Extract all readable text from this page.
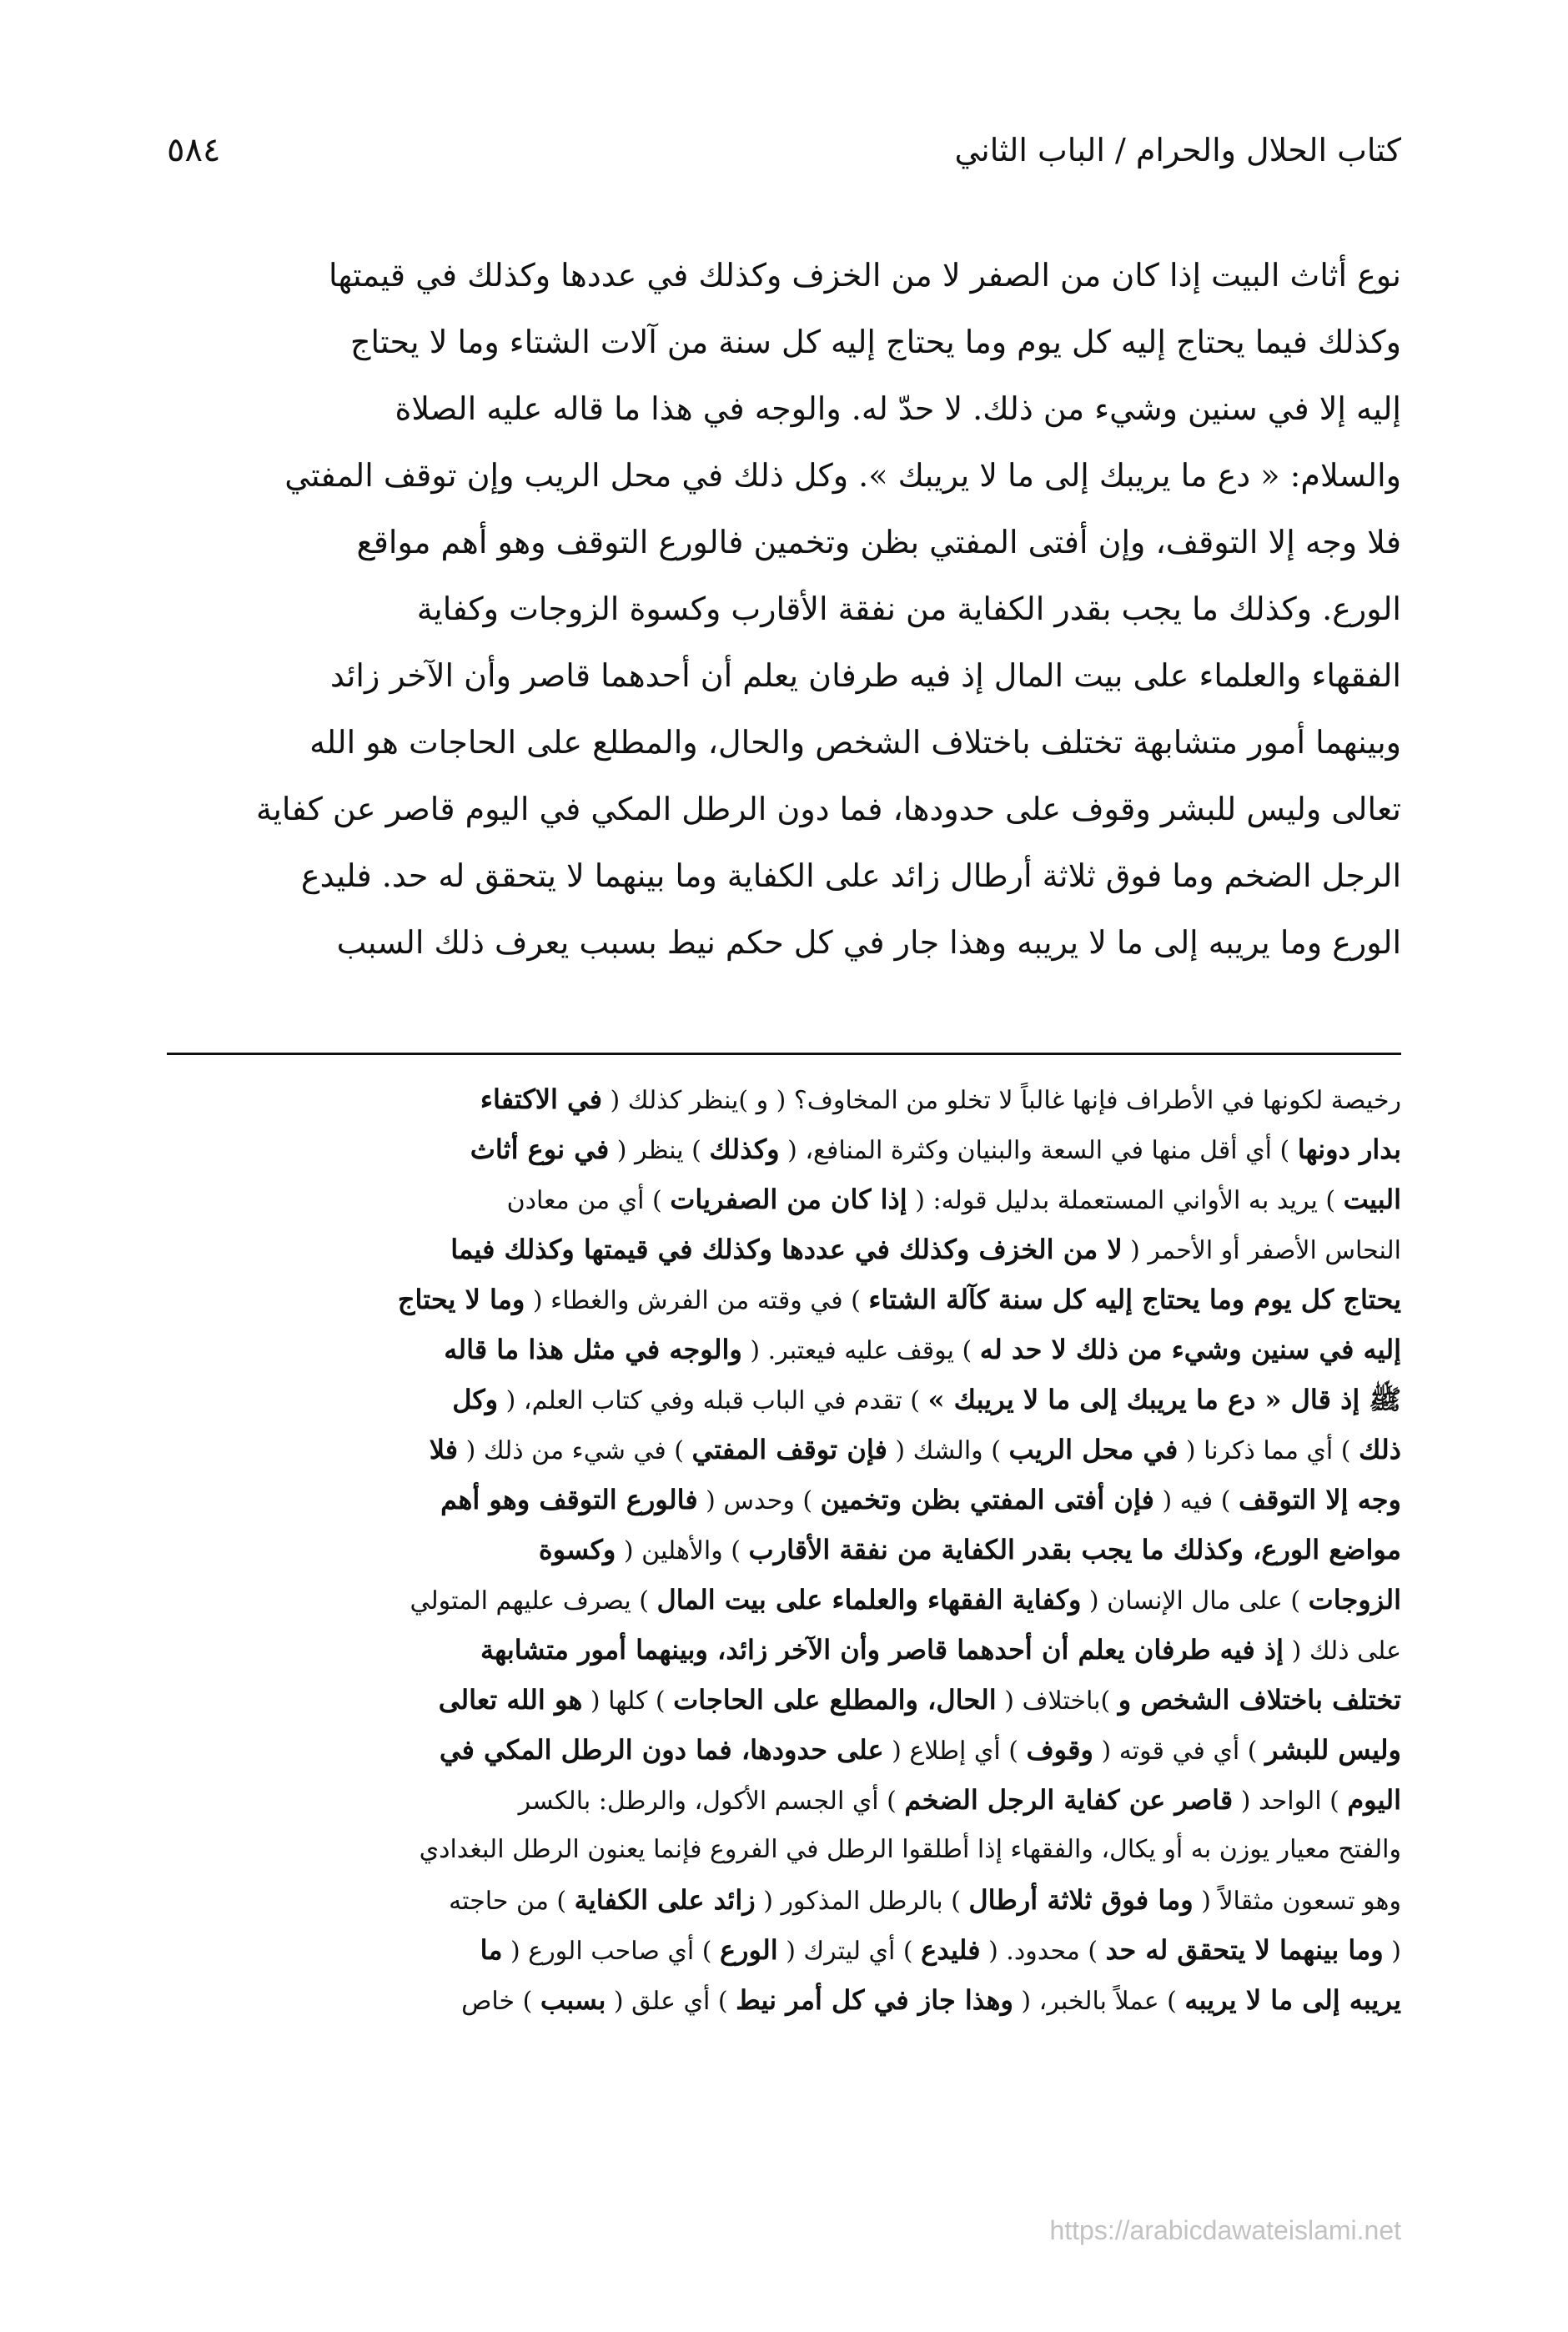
كتاب الحلال والحرام / الباب الثاني
٥٨٤
نوع أثاث البيت إذا كان من الصفر لا من الخزف وكذلك في عددها وكذلك في قيمتها
وكذلك فيما يحتاج إليه كل يوم وما يحتاج إليه كل سنة من آلات الشتاء وما لا يحتاج
إليه إلا في سنين وشيء من ذلك. لا حدّ له. والوجه في هذا ما قاله عليه الصلاة
والسلام: « دع ما يريبك إلى ما لا يريبك ». وكل ذلك في محل الريب وإن توقف المفتي
فلا وجه إلا التوقف، وإن أفتى المفتي بظن وتخمين فالورع التوقف وهو أهم مواقع
الورع. وكذلك ما يجب بقدر الكفاية من نفقة الأقارب وكسوة الزوجات وكفاية
الفقهاء والعلماء على بيت المال إذ فيه طرفان يعلم أن أحدهما قاصر وأن الآخر زائد
وبينهما أمور متشابهة تختلف باختلاف الشخص والحال، والمطلع على الحاجات هو الله
تعالى وليس للبشر وقوف على حدودها، فما دون الرطل المكي في اليوم قاصر عن كفاية
الرجل الضخم وما فوق ثلاثة أرطال زائد على الكفاية وما بينهما لا يتحقق له حد. فليدع
الورع وما يريبه إلى ما لا يريبه وهذا جار في كل حكم نيط بسبب يعرف ذلك السبب
رخيصة لكونها في الأطراف فإنها غالباً لا تخلو من المخاوف؟ ( و )ينظر كذلك ( في الاكتفاء
بدار دونها ) أي أقل منها في السعة والبنيان وكثرة المنافع، ( وكذلك ) ينظر ( في نوع أثاث
البيت ) يريد به الأواني المستعملة بدليل قوله: ( إذا كان من الصفريات ) أي من معادن
النحاس الأصفر أو الأحمر ( لا من الخزف وكذلك في عددها وكذلك في قيمتها وكذلك فيما
يحتاج كل يوم وما يحتاج إليه كل سنة كآلة الشتاء ) في وقته من الفرش والغطاء ( وما لا يحتاج
إليه في سنين وشيء من ذلك لا حد له ) يوقف عليه فيعتبر. ( والوجه في مثل هذا ما قاله
ﷺ إذ قال « دع ما يريبك إلى ما لا يريبك » ) تقدم في الباب قبله وفي كتاب العلم، ( وكل
ذلك ) أي مما ذكرنا ( في محل الريب ) والشك ( فإن توقف المفتي ) في شيء من ذلك ( فلا
وجه إلا التوقف ) فيه ( فإن أفتى المفتي بظن وتخمين ) وحدس ( فالورع التوقف وهو أهم
مواضع الورع، وكذلك ما يجب بقدر الكفاية من نفقة الأقارب ) والأهلين ( وكسوة
الزوجات ) على مال الإنسان ( وكفاية الفقهاء والعلماء على بيت المال ) يصرف عليهم المتولي
على ذلك ( إذ فيه طرفان يعلم أن أحدهما قاصر وأن الآخر زائد، وبينهما أمور متشابهة
تختلف باختلاف الشخص و )باختلاف ( الحال، والمطلع على الحاجات ) كلها ( هو الله تعالى
وليس للبشر ) أي في قوته ( وقوف ) أي إطلاع ( على حدودها، فما دون الرطل المكي في
اليوم ) الواحد ( قاصر عن كفاية الرجل الضخم ) أي الجسم الأكول، والرطل: بالكسر
والفتح معيار يوزن به أو يكال، والفقهاء إذا أطلقوا الرطل في الفروع فإنما يعنون الرطل البغدادي
وهو تسعون مثقالاً ( وما فوق ثلاثة أرطال ) بالرطل المذكور ( زائد على الكفاية ) من حاجته
( وما بينهما لا يتحقق له حد ) محدود. ( فليدع ) أي ليترك ( الورع ) أي صاحب الورع ( ما
يريبه إلى ما لا يريبه ) عملاً بالخبر، ( وهذا جاز في كل أمر نيط ) أي علق ( بسبب ) خاص
https://arabicdawateislami.net
